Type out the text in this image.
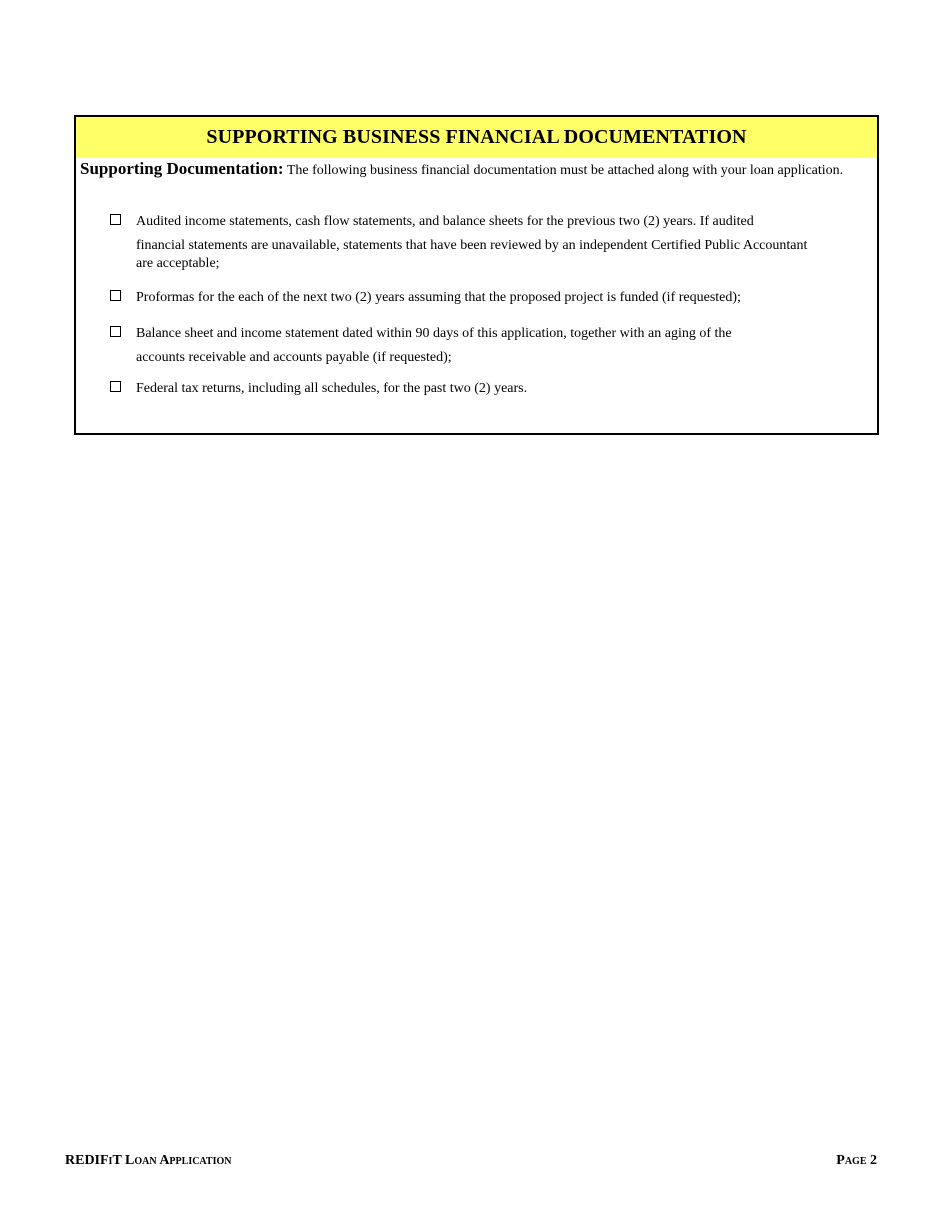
SUPPORTING BUSINESS FINANCIAL DOCUMENTATION
Supporting Documentation: The following business financial documentation must be attached along with your loan application.
Audited income statements, cash flow statements, and balance sheets for the previous two (2) years. If audited
financial statements are unavailable, statements that have been reviewed by an independent Certified Public Accountant are acceptable;
Proformas for the each of the next two (2) years assuming that the proposed project is funded (if requested);
Balance sheet and income statement dated within 90 days of this application, together with an aging of the
accounts receivable and accounts payable (if requested);
Federal tax returns, including all schedules, for the past two (2) years.
REDIFiT Loan Application	Page 2
